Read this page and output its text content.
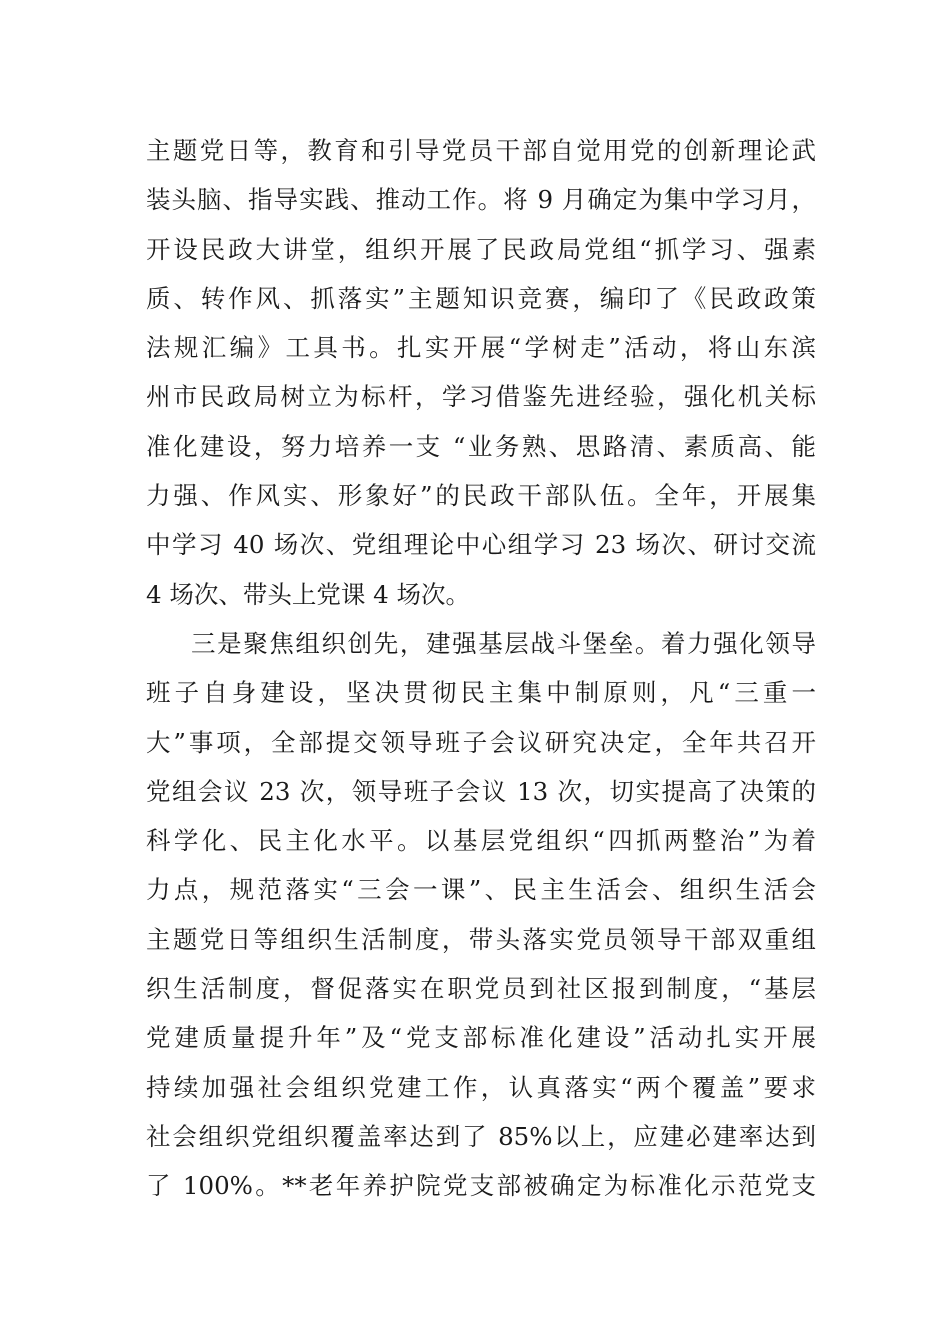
主题党日等，教育和引导党员干部自觉用党的创新理论武
装头脑、指导实践、推动工作。将 9 月确定为集中学习月，
开设民政大讲堂，组织开展了民政局党组“抓学习、强素
质、转作风、抓落实”主题知识竞赛，编印了《民政政策
法规汇编》工具书。扎实开展“学树走”活动，将山东滨
州市民政局树立为标杆，学习借鉴先进经验，强化机关标
准化建设，努力培养一支 “业务熟、思路清、素质高、能
力强、作风实、形象好”的民政干部队伍。全年，开展集
中学习 40 场次、党组理论中心组学习 23 场次、研讨交流
4 场次、带头上党课 4 场次。
三是聚焦组织创先，建强基层战斗堡垒。着力强化领导
班子自身建设，坚决贯彻民主集中制原则，凡“三重一
大”事项，全部提交领导班子会议研究决定，全年共召开
党组会议 23 次，领导班子会议 13 次，切实提高了决策的
科学化、民主化水平。以基层党组织“四抓两整治”为着
力点，规范落实“三会一课”、民主生活会、组织生活会
主题党日等组织生活制度，带头落实党员领导干部双重组
织生活制度，督促落实在职党员到社区报到制度，“基层
党建质量提升年”及“党支部标准化建设”活动扎实开展
持续加强社会组织党建工作，认真落实“两个覆盖”要求
社会组织党组织覆盖率达到了 85%以上，应建必建率达到
了 100%。**老年养护院党支部被确定为标准化示范党支
